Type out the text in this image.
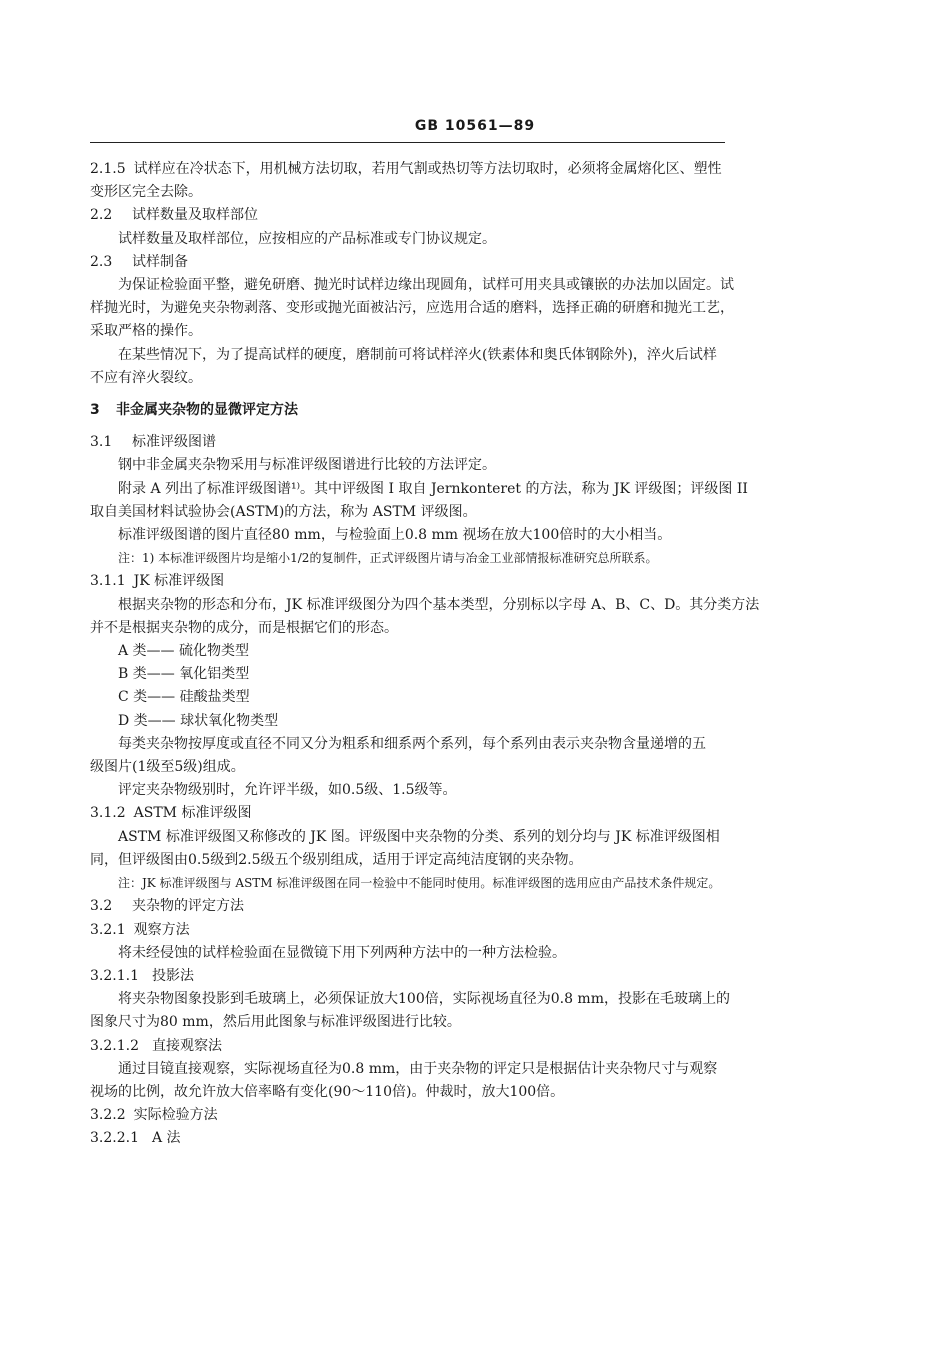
GB 10561—89

2.1.5 试样应在冷状态下，用机械方法切取，若用气割或热切等方法切取时，必须将金属熔化区、塑性

变形区完全去除。

2.2 试样数量及取样部位

试样数量及取样部位，应按相应的产品标准或专门协议规定。

2.3 试样制备

为保证检验面平整，避免研磨、抛光时试样边缘出现圆角，试样可用夹具或镶嵌的办法加以固定。试

样抛光时，为避免夹杂物剥落、变形或抛光面被沾污，应选用合适的磨料，选择正确的研磨和抛光工艺，

采取严格的操作。

在某些情况下，为了提高试样的硬度，磨制前可将试样淬火(铁素体和奥氏体钢除外)，淬火后试样

不应有淬火裂纹。

3 非金属夹杂物的显微评定方法

3.1 标准评级图谱

钢中非金属夹杂物采用与标准评级图谱进行比较的方法评定。

附录 A 列出了标准评级图谱¹⁾。其中评级图 I 取自 Jernkonteret 的方法，称为 JK 评级图；评级图 II

取自美国材料试验协会(ASTM)的方法，称为 ASTM 评级图。

标准评级图谱的图片直径80 mm，与检验面上0.8 mm 视场在放大100倍时的大小相当。

注：1) 本标准评级图片均是缩小1/2的复制件，正式评级图片请与冶金工业部情报标准研究总所联系。

3.1.1 JK 标准评级图

根据夹杂物的形态和分布，JK 标准评级图分为四个基本类型，分别标以字母 A、B、C、D。其分类方法

并不是根据夹杂物的成分，而是根据它们的形态。

A 类—— 硫化物类型

B 类—— 氧化铝类型

C 类—— 硅酸盐类型

D 类—— 球状氧化物类型

每类夹杂物按厚度或直径不同又分为粗系和细系两个系列，每个系列由表示夹杂物含量递增的五

级图片(1级至5级)组成。

评定夹杂物级别时，允许评半级，如0.5级、1.5级等。

3.1.2 ASTM 标准评级图

ASTM 标准评级图又称修改的 JK 图。评级图中夹杂物的分类、系列的划分均与 JK 标准评级图相

同，但评级图由0.5级到2.5级五个级别组成，适用于评定高纯洁度钢的夹杂物。

注：JK 标准评级图与 ASTM 标准评级图在同一检验中不能同时使用。标准评级图的选用应由产品技术条件规定。

3.2 夹杂物的评定方法

3.2.1 观察方法

将未经侵蚀的试样检验面在显微镜下用下列两种方法中的一种方法检验。

3.2.1.1 投影法

将夹杂物图象投影到毛玻璃上，必须保证放大100倍，实际视场直径为0.8 mm，投影在毛玻璃上的

图象尺寸为80 mm，然后用此图象与标准评级图进行比较。

3.2.1.2 直接观察法

通过目镜直接观察，实际视场直径为0.8 mm，由于夹杂物的评定只是根据估计夹杂物尺寸与观察

视场的比例，故允许放大倍率略有变化(90～110倍)。仲裁时，放大100倍。

3.2.2 实际检验方法

3.2.2.1 A 法
